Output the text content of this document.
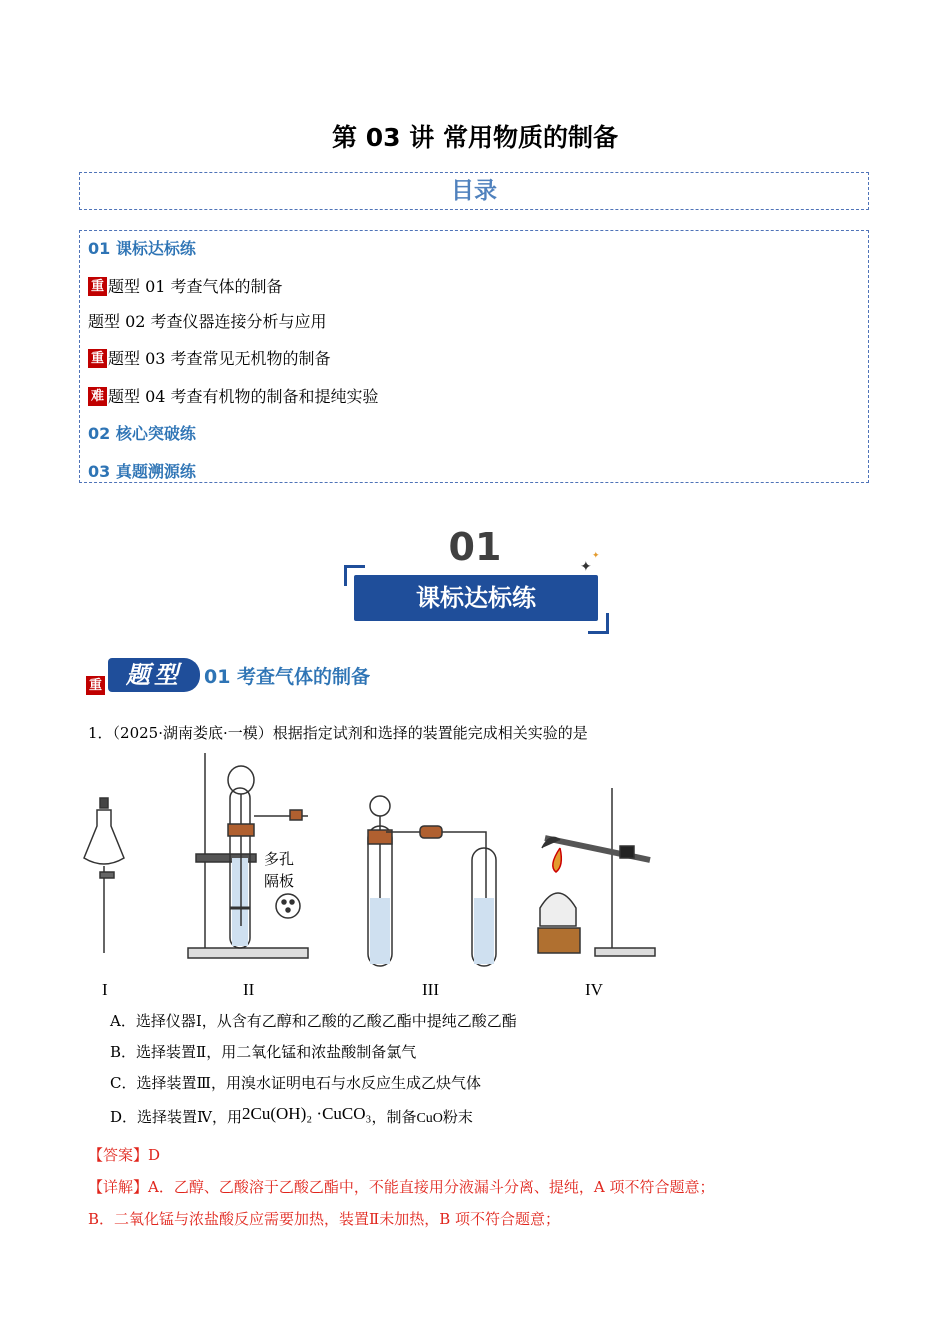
第 03 讲 常用物质的制备
目录
01 课标达标练
重 题型 01 考查气体的制备
题型 02 考查仪器连接分析与应用
重 题型 03 考查常见无机物的制备
难 题型 04 考查有机物的制备和提纯实验
02 核心突破练
03 真题溯源练
01
课标达标练
✦
✦
重	题型	01 考查气体的制备
1．（2025·湖南娄底·一模）根据指定试剂和选择的装置能完成相关实验的是
多孔
隔板
I	II	III	IV
A．选择仪器Ⅰ，从含有乙醇和乙酸的乙酸乙酯中提纯乙酸乙酯
B．选择装置Ⅱ，用二氧化锰和浓盐酸制备氯气
C．选择装置Ⅲ，用溴水证明电石与水反应生成乙炔气体
D．选择装置Ⅳ，用2Cu(OH)₂ ·CuCO₃，制备CuO粉末
【答案】D
【详解】A．乙醇、乙酸溶于乙酸乙酯中，不能直接用分液漏斗分离、提纯，A 项不符合题意；
B．二氧化锰与浓盐酸反应需要加热，装置Ⅱ未加热，B 项不符合题意；
